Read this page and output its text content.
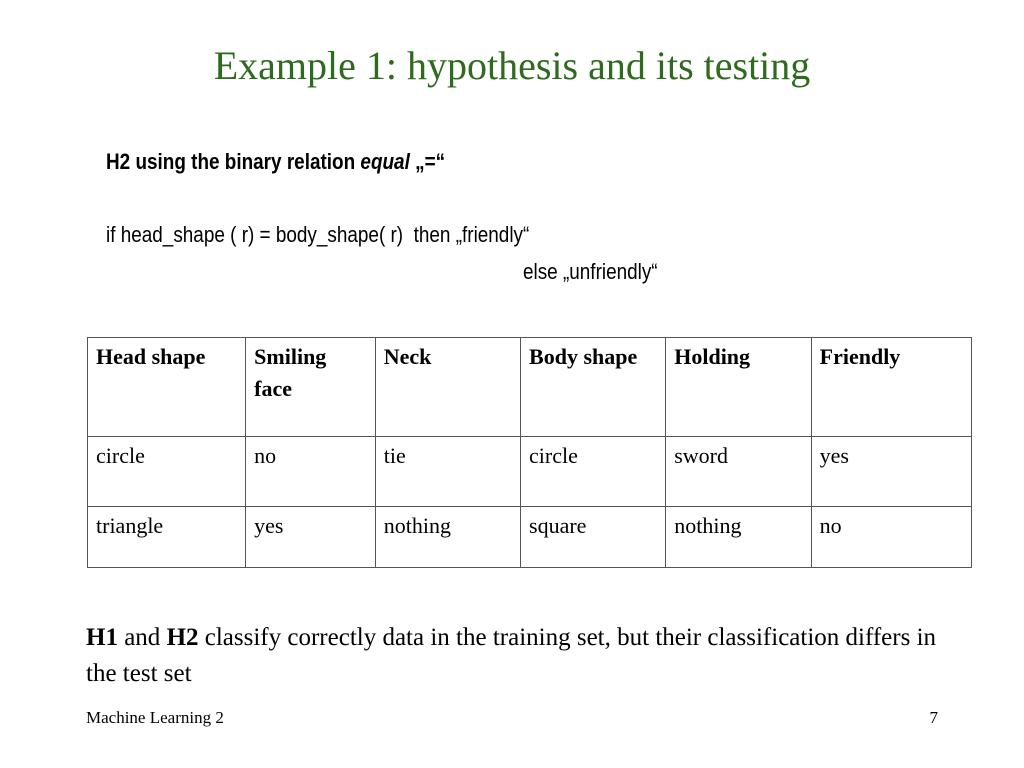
Example 1: hypothesis and its testing
H2 using the binary relation equal „=“
if head_shape ( r) = body_shape( r)  then „friendly“
else „unfriendly“
Head shape	Smiling face	Neck	Body shape	Holding	Friendly
circle	no	tie	circle	sword	yes
triangle	yes	nothing	square	nothing	no
H1 and H2 classify correctly data in the training set, but their classification differs in the test set
Machine Learning 2	7
